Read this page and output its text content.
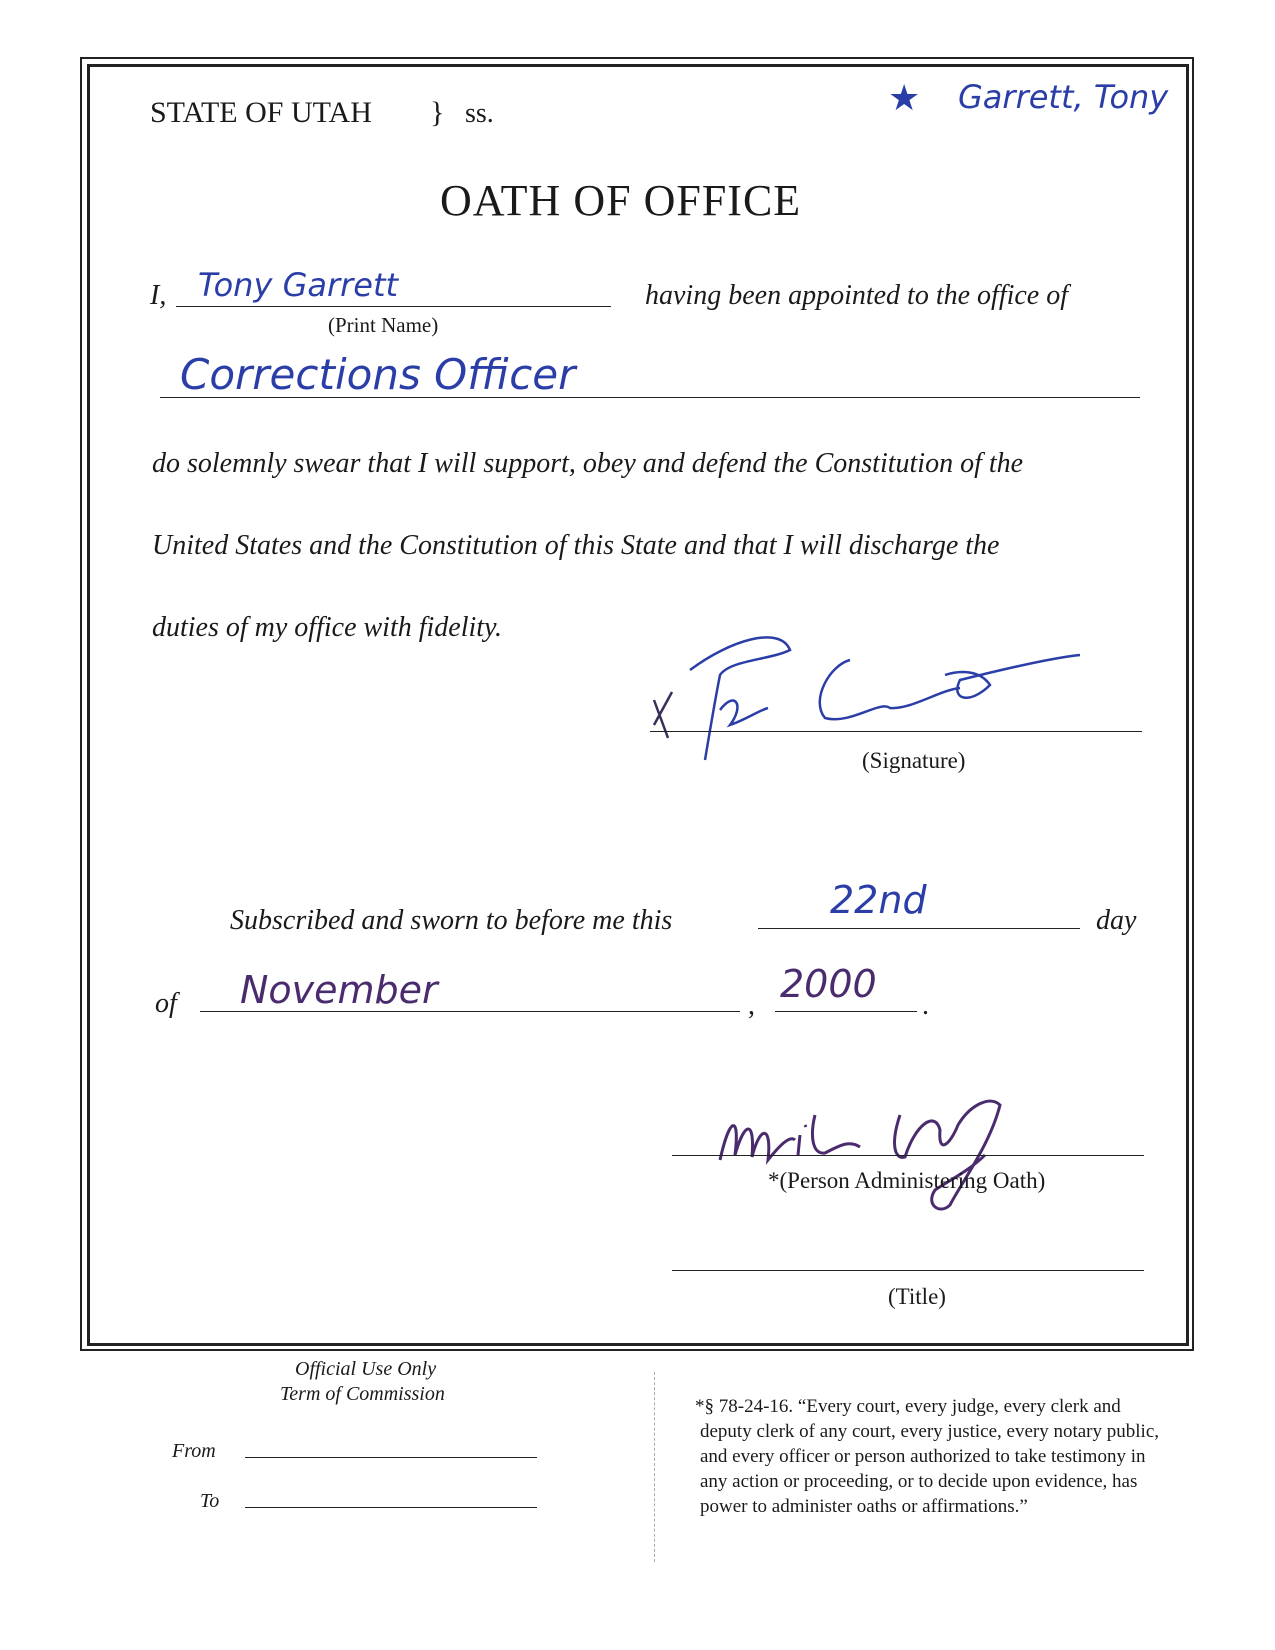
STATE OF UTAH } ss.	★ Garrett, Tony
OATH OF OFFICE
I, Tony Garrett
(Print Name)
having been appointed to the office of
Corrections Officer
do solemnly swear that I will support, obey and defend the Constitution of the
United States and the Constitution of this State and that I will discharge the
duties of my office with fidelity.
(Signature)
Subscribed and sworn to before me this	22nd	day
of November	, 2000 .
*(Person Administering Oath)
(Title)
Official Use Only
Term of Commission
From
To
*§ 78-24-16. “Every court, every judge, every clerk and
deputy clerk of any court, every justice, every notary public,
and every officer or person authorized to take testimony in
any action or proceeding, or to decide upon evidence, has
power to administer oaths or affirmations.”
